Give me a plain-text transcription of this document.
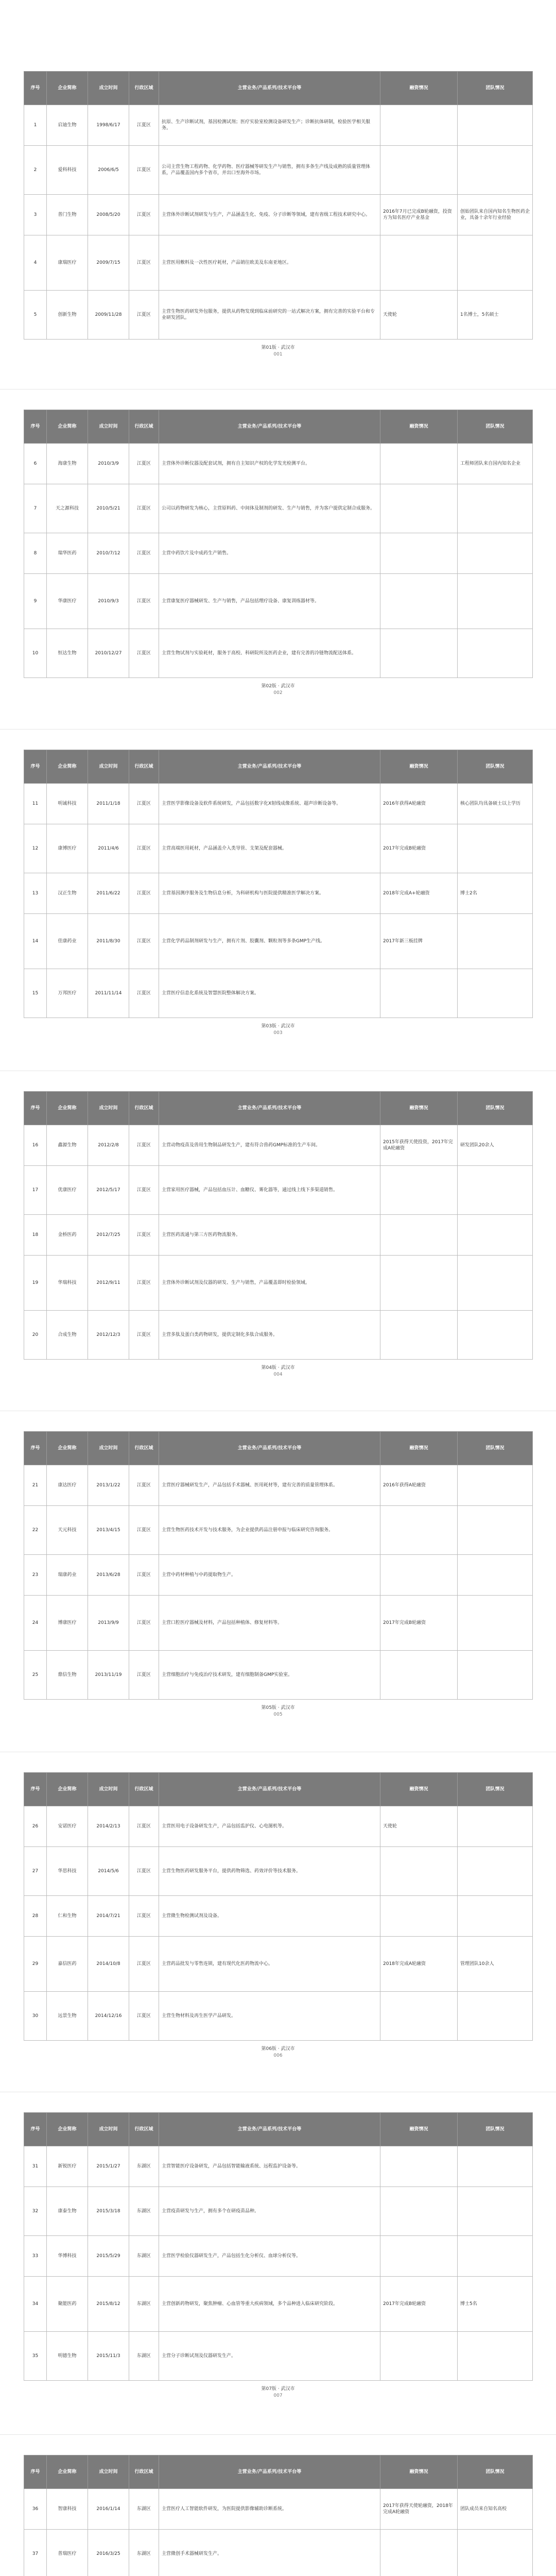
序号	企业简称	成立时间	行政区域	主营业务/产品系列/技术平台等	融资情况	团队情况
1	启迪生物	1998/6/17	江夏区	抗原、生产诊断试剂，基因检测试剂；医疗实验室检测设备研发生产；诊断抗体研制，检验医学相关服务。		
2	爱科科技	2006/6/5	江夏区	公司主营生物工程药物、化学药物、医疗器械等研发生产与销售，拥有多条生产线及成熟的质量管理体系，产品覆盖国内多个省市，并出口至海外市场。		
3	普门生物	2008/5/20	江夏区	主营体外诊断试剂研发与生产，产品涵盖生化、免疫、分子诊断等领域，建有省级工程技术研究中心。	2016年7月已完成B轮融资，投资方为知名医疗产业基金	创始团队来自国内知名生物医药企业，具备十余年行业经验
4	康瑞医疗	2009/7/15	江夏区	主营医用敷料及一次性医疗耗材，产品销往欧美及东南亚地区。		
5	创新生物	2009/11/28	江夏区	主营生物医药研发外包服务，提供从药物发现到临床前研究的一站式解决方案，拥有完善的实验平台和专业研发团队。	天使轮	1名博士，5名硕士
第01版 · 武汉市
001
序号	企业简称	成立时间	行政区域	主营业务/产品系列/技术平台等	融资情况	团队情况
6	海康生物	2010/3/9	江夏区	主营体外诊断仪器及配套试剂，拥有自主知识产权的化学发光检测平台。		工程师团队来自国内知名企业
7	天之源科技	2010/5/21	江夏区	公司以药物研发为核心，主营原料药、中间体及制剂的研发、生产与销售，并为客户提供定制合成服务。		
8	瑞华医药	2010/7/12	江夏区	主营中药饮片及中成药生产销售。		
9	华康医疗	2010/9/3	江夏区	主营康复医疗器械研发、生产与销售，产品包括理疗设备、康复训练器材等。		
10	恒达生物	2010/12/27	江夏区	主营生物试剂与实验耗材，服务于高校、科研院所及医药企业，建有完善的冷链物流配送体系。		
第02版 · 武汉市
002
序号	企业简称	成立时间	行政区域	主营业务/产品系列/技术平台等	融资情况	团队情况
11	明诚科技	2011/1/18	江夏区	主营医学影像设备及软件系统研发，产品包括数字化X射线成像系统、超声诊断设备等。	2016年获得A轮融资	核心团队均具备硕士以上学历
12	康博医疗	2011/4/6	江夏区	主营高端医用耗材，产品涵盖介入类导管、支架及配套器械。	2017年完成B轮融资	
13	汉正生物	2011/6/22	江夏区	主营基因测序服务及生物信息分析，为科研机构与医院提供精准医学解决方案。	2018年完成A+轮融资	博士2名
14	佳康药业	2011/8/30	江夏区	主营化学药品制剂研发与生产，拥有片剂、胶囊剂、颗粒剂等多条GMP生产线。	2017年新三板挂牌	
15	万邦医疗	2011/11/14	江夏区	主营医疗信息化系统及智慧医院整体解决方案。		
第03版 · 武汉市
003
序号	企业简称	成立时间	行政区域	主营业务/产品系列/技术平台等	融资情况	团队情况
16	鑫源生物	2012/2/8	江夏区	主营动物疫苗及兽用生物制品研发生产，建有符合兽药GMP标准的生产车间。	2015年获得天使投资，2017年完成A轮融资	研发团队20余人
17	优康医疗	2012/5/17	江夏区	主营家用医疗器械，产品包括血压计、血糖仪、雾化器等，通过线上线下多渠道销售。		
18	金桥医药	2012/7/25	江夏区	主营医药流通与第三方医药物流服务。		
19	华瑞科技	2012/9/11	江夏区	主营体外诊断试剂及仪器的研发、生产与销售，产品覆盖即时检验领域。		
20	合成生物	2012/12/3	江夏区	主营多肽及蛋白类药物研发，提供定制化多肽合成服务。		
第04版 · 武汉市
004
序号	企业简称	成立时间	行政区域	主营业务/产品系列/技术平台等	融资情况	团队情况
21	康达医疗	2013/1/22	江夏区	主营医疗器械研发生产，产品包括手术器械、医用耗材等，建有完善的质量管理体系。	2016年获得A轮融资	
22	天元科技	2013/4/15	江夏区	主营生物医药技术开发与技术服务，为企业提供药品注册申报与临床研究咨询服务。		
23	瑞康药业	2013/6/28	江夏区	主营中药材种植与中药提取物生产。		
24	博康医疗	2013/9/9	江夏区	主营口腔医疗器械及材料，产品包括种植体、修复材料等。	2017年完成B轮融资	
25	鼎信生物	2013/11/19	江夏区	主营细胞治疗与免疫治疗技术研发，建有细胞制备GMP实验室。		
第05版 · 武汉市
005
序号	企业简称	成立时间	行政区域	主营业务/产品系列/技术平台等	融资情况	团队情况
26	安诺医疗	2014/2/13	江夏区	主营医用电子设备研发生产，产品包括监护仪、心电图机等。	天使轮	
27	华思科技	2014/5/6	江夏区	主营生物医药研发服务平台，提供药物筛选、药效评价等技术服务。		
28	仁和生物	2014/7/21	江夏区	主营微生物检测试剂及设备。		
29	嘉信医药	2014/10/8	江夏区	主营药品批发与零售连锁，建有现代化医药物流中心。	2018年完成A轮融资	管理团队10余人
30	远景生物	2014/12/16	江夏区	主营生物材料及再生医学产品研发。		
第06版 · 武汉市
006
序号	企业简称	成立时间	行政区域	主营业务/产品系列/技术平台等	融资情况	团队情况
31	新锐医疗	2015/1/27	东湖区	主营智能医疗设备研发，产品包括智能输液系统、远程监护设备等。		
32	康泰生物	2015/3/18	东湖区	主营疫苗研发与生产，拥有多个在研疫苗品种。		
33	华博科技	2015/5/29	东湖区	主营医学检验仪器研发生产，产品包括生化分析仪、血球分析仪等。		
34	聚能医药	2015/8/12	东湖区	主营创新药物研发，聚焦肿瘤、心血管等重大疾病领域，多个品种进入临床研究阶段。	2017年完成B轮融资	博士5名
35	明德生物	2015/11/3	东湖区	主营分子诊断试剂及仪器研发生产。		
第07版 · 武汉市
007
序号	企业简称	成立时间	行政区域	主营业务/产品系列/技术平台等	融资情况	团队情况
36	智康科技	2016/1/14	东湖区	主营医疗人工智能软件研发，为医院提供影像辅助诊断系统。	2017年获得天使轮融资，2018年完成A轮融资	团队成员来自知名高校
37	普瑞医疗	2016/3/25	东湖区	主营微创手术器械研发生产。		
